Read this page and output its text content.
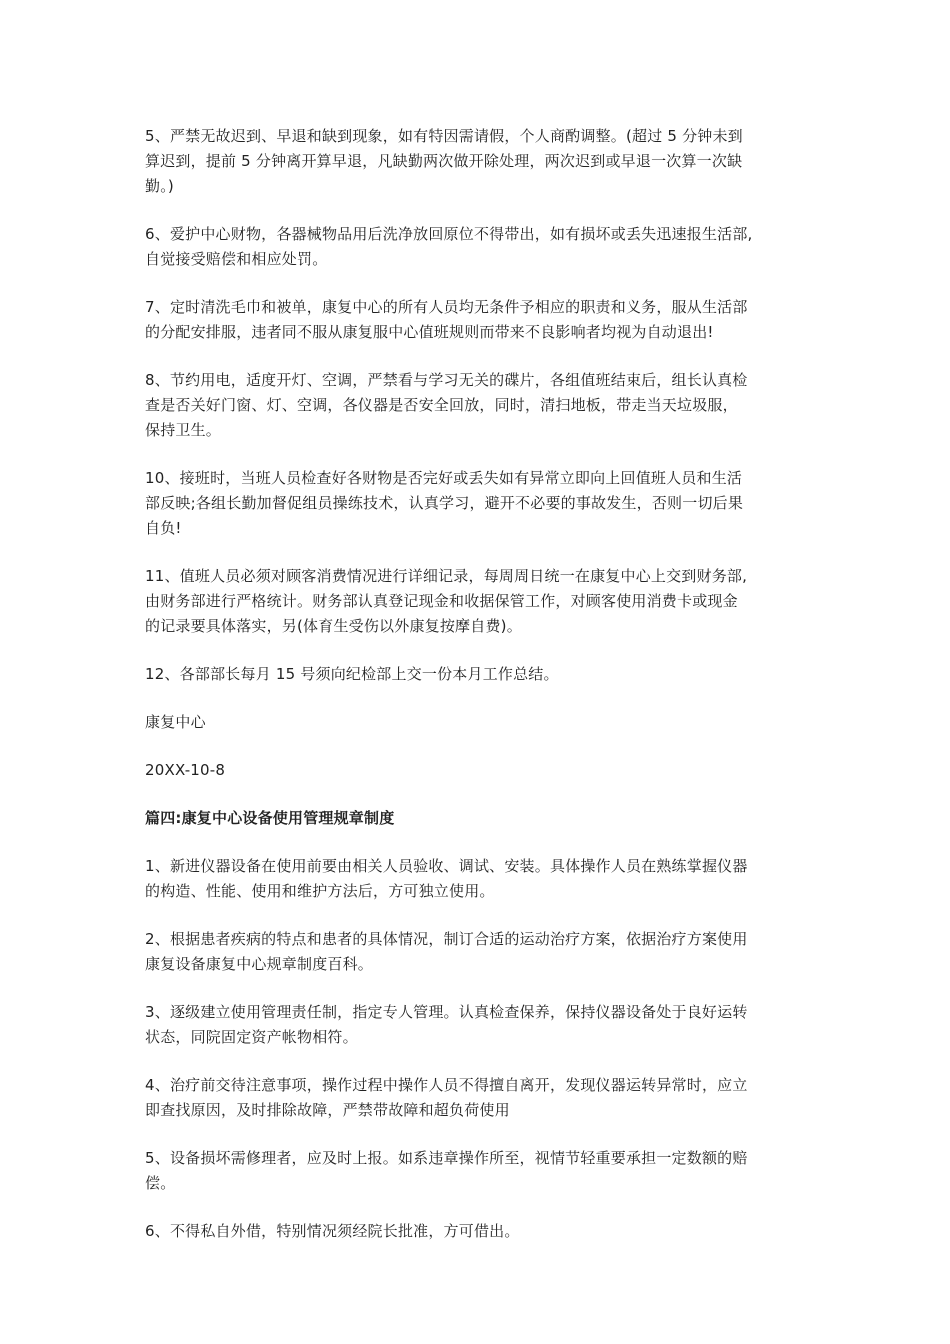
5、严禁无故迟到、早退和缺到现象，如有特因需请假，个人商酌调整。(超过 5 分钟未到
算迟到，提前 5 分钟离开算早退，凡缺勤两次做开除处理，两次迟到或早退一次算一次缺
勤。)

6、爱护中心财物，各器械物品用后洗净放回原位不得带出，如有损坏或丢失迅速报生活部,
自觉接受赔偿和相应处罚。

7、定时清洗毛巾和被单，康复中心的所有人员均无条件予相应的职责和义务，服从生活部
的分配安排服，违者同不服从康复服中心值班规则而带来不良影响者均视为自动退出!

8、节约用电，适度开灯、空调，严禁看与学习无关的碟片，各组值班结束后，组长认真检
查是否关好门窗、灯、空调，各仪器是否安全回放，同时，清扫地板，带走当天垃圾服，
保持卫生。

10、接班时，当班人员检查好各财物是否完好或丢失如有异常立即向上回值班人员和生活
部反映;各组长勤加督促组员操练技术，认真学习，避开不必要的事故发生，否则一切后果
自负!

11、值班人员必须对顾客消费情况进行详细记录，每周周日统一在康复中心上交到财务部,
由财务部进行严格统计。财务部认真登记现金和收据保管工作，对顾客使用消费卡或现金
的记录要具体落实，另(体育生受伤以外康复按摩自费)。

12、各部部长每月 15 号须向纪检部上交一份本月工作总结。

康复中心

20XX-10-8

篇四:康复中心设备使用管理规章制度

1、新进仪器设备在使用前要由相关人员验收、调试、安装。具体操作人员在熟练掌握仪器
的构造、性能、使用和维护方法后，方可独立使用。

2、根据患者疾病的特点和患者的具体情况，制订合适的运动治疗方案，依据治疗方案使用
康复设备康复中心规章制度百科。

3、逐级建立使用管理责任制，指定专人管理。认真检查保养，保持仪器设备处于良好运转
状态，同院固定资产帐物相符。

4、治疗前交待注意事项，操作过程中操作人员不得擅自离开，发现仪器运转异常时，应立
即查找原因，及时排除故障，严禁带故障和超负荷使用

5、设备损坏需修理者，应及时上报。如系违章操作所至，视情节轻重要承担一定数额的赔
偿。

6、不得私自外借，特别情况须经院长批准，方可借出。
